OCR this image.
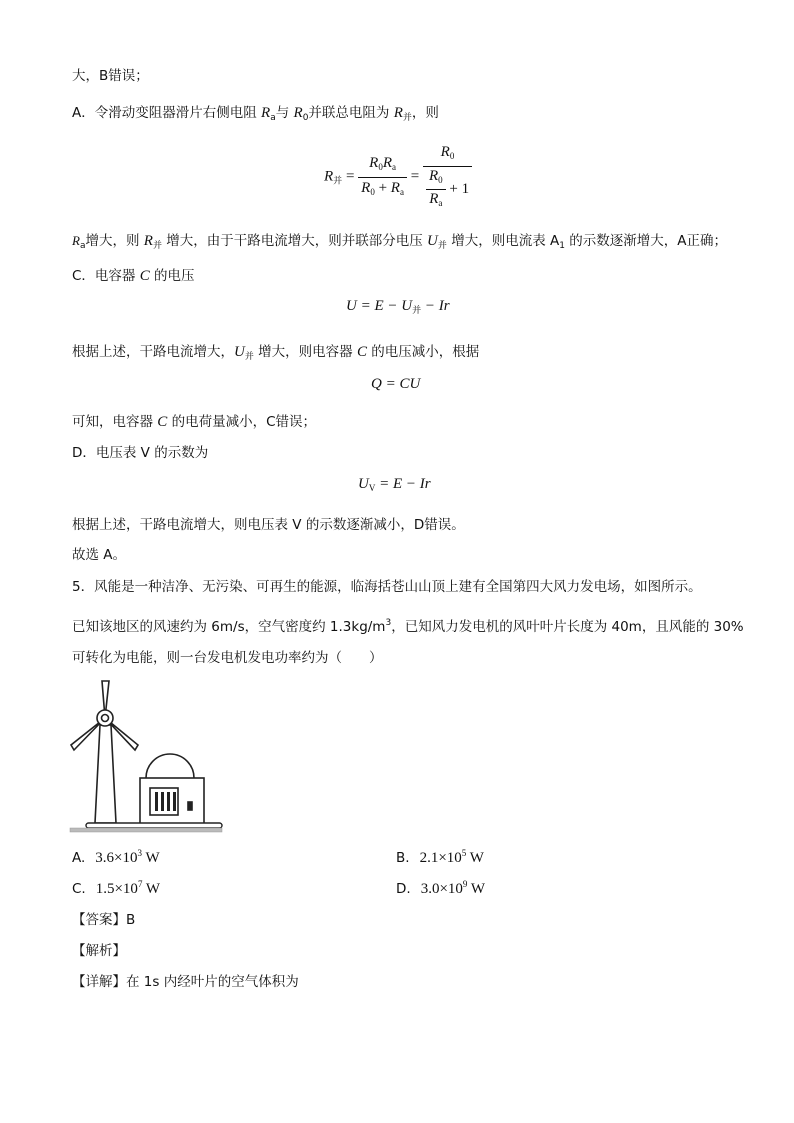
大，B错误；
A．令滑动变阻器滑片右侧电阻 $R_a$与 $R_0$并联总电阻为 $R_并$，则
$R_并 = \frac{R_0R_a}{R_0 + R_a} = \frac{R_0}{\frac{R_0}{R_a} + 1}$
$R_a$增大，则 $R_并$ 增大，由于干路电流增大，则并联部分电压 $U_并$ 增大，则电流表 $A_1$ 的示数逐渐增大，A正确；
C．电容器 C 的电压
$U = E - U_并 - Ir$
根据上述，干路电流增大，$U_并$ 增大，则电容器 C 的电压减小，根据
Q = CU
可知，电容器 C 的电荷量减小，C错误；
D．电压表 V 的示数为
$U_V = E - Ir$
根据上述，干路电流增大，则电压表 V 的示数逐渐减小，D错误。
故选 A。
5．风能是一种洁净、无污染、可再生的能源，临海括苍山山顶上建有全国第四大风力发电场，如图所示。
已知该地区的风速约为 6m/s，空气密度约 $1.3kg/m^3$，已知风力发电机的风叶叶片长度为 40m，且风能的 30%
可转化为电能，则一台发电机发电功率约为（　　）
A. $3.6\times 10^3$ W	B. $2.1\times 10^5$ W
C. $1.5\times 10^7$ W	D. $3.0\times 10^9$ W
【答案】B
【解析】
【详解】在 1s 内经叶片的空气体积为
